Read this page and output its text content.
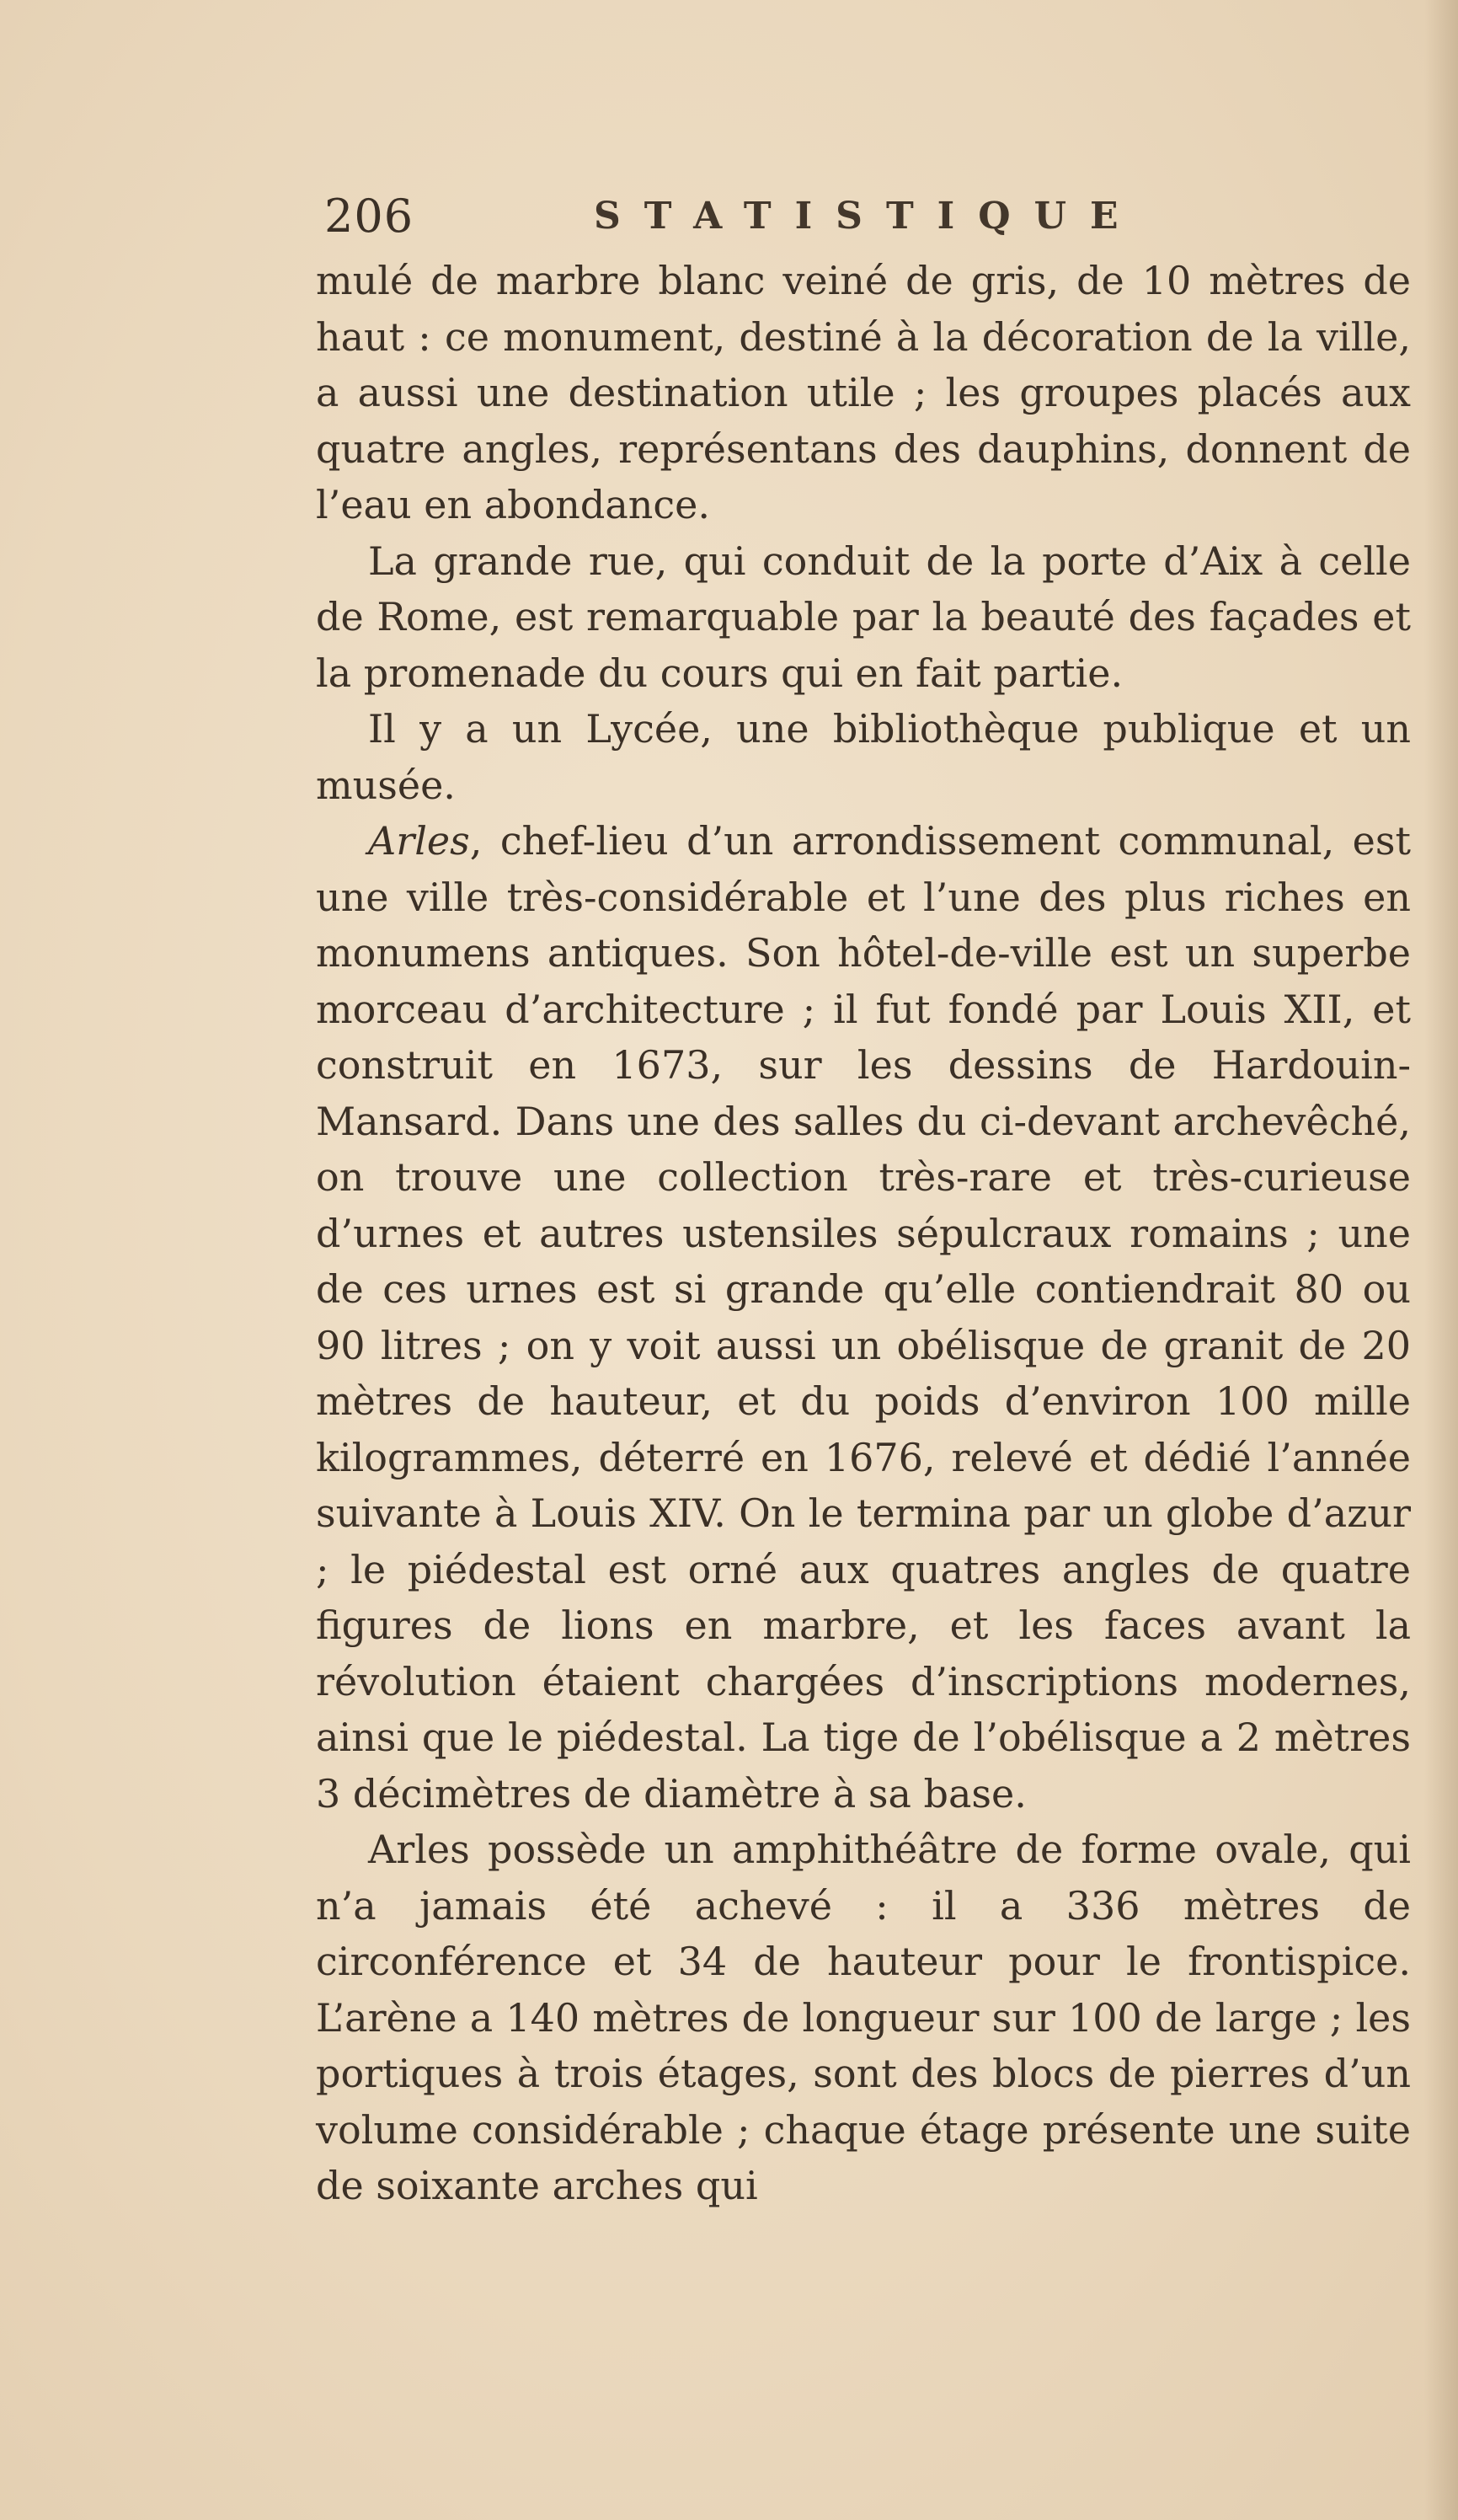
206	STATISTIQUE

mulé de marbre blanc veiné de gris, de 10 mètres de haut : ce monument, destiné à la décoration de la ville, a aussi une destination utile ; les groupes placés aux quatre angles, représentans des dauphins, donnent de l’eau en abondance.

La grande rue, qui conduit de la porte d’Aix à celle de Rome, est remarquable par la beauté des façades et la promenade du cours qui en fait partie.

Il y a un Lycée, une bibliothèque publique et un musée.

Arles, chef-lieu d’un arrondissement communal, est une ville très-considérable et l’une des plus riches en monumens antiques. Son hôtel-de-ville est un superbe morceau d’architecture ; il fut fondé par Louis XII, et construit en 1673, sur les dessins de Hardouin-Mansard. Dans une des salles du ci-devant archevêché, on trouve une collection très-rare et très-curieuse d’urnes et autres ustensiles sépulcraux romains ; une de ces urnes est si grande qu’elle contiendrait 80 ou 90 litres ; on y voit aussi un obélisque de granit de 20 mètres de hauteur, et du poids d’environ 100 mille kilogrammes, déterré en 1676, relevé et dédié l’année suivante à Louis XIV. On le termina par un globe d’azur ; le piédestal est orné aux quatres angles de quatre figures de lions en marbre, et les faces avant la révolution étaient chargées d’inscriptions modernes, ainsi que le piédestal. La tige de l’obélisque a 2 mètres 3 décimètres de diamètre à sa base.

Arles possède un amphithéâtre de forme ovale, qui n’a jamais été achevé : il a 336 mètres de circonférence et 34 de hauteur pour le frontispice. L’arène a 140 mètres de longueur sur 100 de large ; les portiques à trois étages, sont des blocs de pierres d’un volume considérable ; chaque étage présente une suite de soixante arches qui
